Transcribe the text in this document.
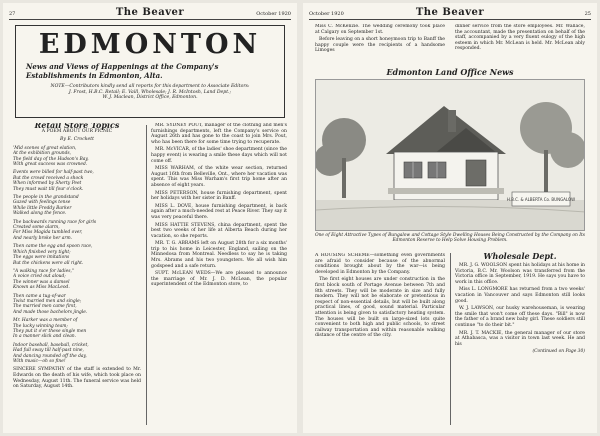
27	The Beaver	October 1920
EDMONTON
News and Views of Happenings at the Company's Establishments in Edmonton, Alta.
NOTE—Contributors kindly send all reports for this department to Associate Editors:
J. Frost, H.B.C. Retail; E. Vaill, Wholesale; J. R. McIntosh, Land Dept.;
W. J. Maclean, District Office, Edmonton.
Retail Store Topics
A POEM ABOUT OUR PICNIC
By E. Crockett
'Mid scenes of great elation,
At the exhibition grounds,
The field day of the Hudson's Bay,
With great success was crowned.
Events were billed for half-past two,
But the crowd received a shock
When informed by Sherty Peet
They must wait till four o'clock.
The people in the grandstand
Gazed with feelings tense
While little Freddy Barker
Walked along the fence.
The backwards running race for girls
Created some alarm,
For Miss Magida tumbled over,
And nearly broke her arm.
Then came the egg and spoon race,
Which finished very tight;
The eggs were imitations
But the chickens were all right.
"A walking race for ladies,"
A voice cried out aloud;
The winner was a damsel
Known as Miss MacLeod.
Then came a tug-of-war
Twixt married men and single;
The married men came first,
And made those bachelors jingle.
Mr. Harker was a member of
The lucky winning team;
They put it o'er these single men
In a manner slick and clean.
Indoor baseball, baseball, cricket,
Had full sway till half-past nine,
And dancing rounded off the day,
With music—oh so fine!

SINCERE SYMPATHY of the staff is extended to Mr. Edwards on the death of his wife, which took place on Wednesday, August 11th. The funeral service was held on Saturday, August 14th.

MR. SYDNEY POUT, manager of the clothing and men's furnishings departments, left the Company's service on August 26th and has gone to the coast to join Mrs. Pout, who has been there for some time trying to recuperate.

MR. McVICAR, of the ladies' shoe department (since the happy event) is wearing a smile these days which will not come off.

MISS WARHAM, of the white wear section, returned August 16th from Belleville, Ont., where her vacation was spent. This was Miss Warham's first trip home after an absence of eight years.

MISS PETERSON, house furnishing department, spent her holidays with her sister in Banff.

MISS L. DOVE, house furnishing department, is back again after a much-needed rest at Peace River. They say it was very peaceful there.

MISS HATTIE STEVENS, china department, spent the best two weeks of her life at Alberta Beach during her vacation, so she reports.

MR. T. G. ABRAMS left on August 28th for a six months' trip to his home in Leicester, England, sailing on the Minnedosa from Montreal. Needless to say he is taking Mrs. Abrams and his two youngsters. We all wish him godspeed and a safe return.

SUPT. McLEAN WEDS—We are pleased to announce the marriage of Mr. J. D. McLean, the popular superintendent of the Edmonton store, to

October 1920	The Beaver	25

Miss C. McKenzie. The wedding ceremony took place at Calgary on September 1st.

Before leaving on a short honeymoon trip to Banff the happy couple were the recipients of a handsome Limoges

dinner service from the store employees. Mr. Wallace, the accountant, made the presentation on behalf of the staff, accompanied by a very fluent eulogy of the high esteem in which Mr. McLean is held. Mr. McLean ably responded.

Edmonton Land Office News
H.B.C. & ALBERTA Co. BUNGALOW
One of Eight Attractive Types of Bungalow and Cottage Style Dwelling Houses Being Constructed by the Company on Its Edmonton Reserve to Help Solve Housing Problem.

A HOUSING SCHEME—something even governments are afraid to consider because of the abnormal conditions brought about by the war—is being developed in Edmonton by the Company.

The first eight houses are under construction in the first block south of Portage Avenue between 7th and 8th streets. They will be moderate in size and fully modern. They will not be elaborate or pretentious in respect of non-essential details, but will be built along practical lines, of good, sound material. Particular attention is being given to satisfactory heating system. The houses will be built on large-sized lots quite convenient to both high and public schools, to street railway transportation and within reasonable walking distance of the centre of the city.

Wholesale Dept.

MR. J. G. WOOLSON spent his holidays at his home in Victoria, B.C. Mr. Woolson was transferred from the Victoria office in September, 1919. He says you have to work in this office.

Miss L. LONGMORE has returned from a two weeks' vacation in Vancouver and says Edmonton still looks good.

W. J. LAWSON, our husky warehouseman, is wearing the smile that won't come off these days. "Bill" is now the father of a brand new baby girl. These soldiers still continue "to do their bit."

MR. J. T. MACKIE, the general manager of our store at Athabasca, was a visitor in town last week. He and his

(Continued on Page 30)
